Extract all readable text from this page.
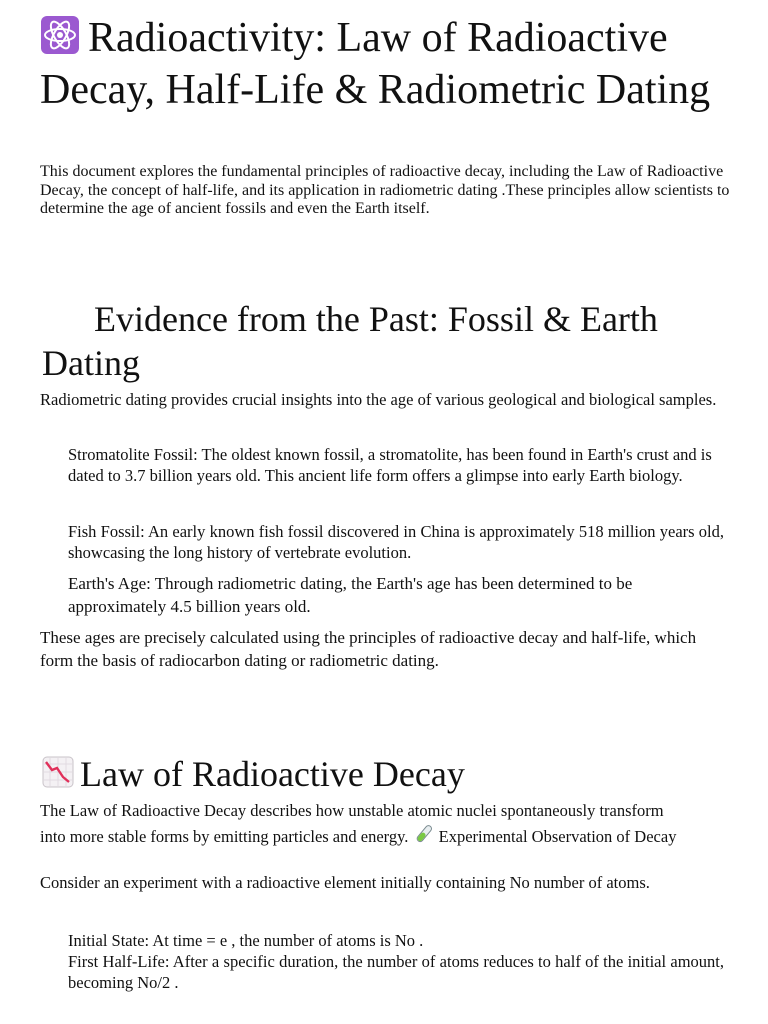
Radioactivity: Law of Radioactive Decay, Half-Life & Radiometric Dating

This document explores the fundamental principles of radioactive decay, including the Law of Radioactive Decay, the concept of half-life, and its application in radiometric dating .These principles allow scientists to determine the age of ancient fossils and even the Earth itself.

Evidence from the Past: Fossil & Earth Dating

Radiometric dating provides crucial insights into the age of various geological and biological samples.

Stromatolite Fossil: The oldest known fossil, a stromatolite, has been found in Earth's crust and is dated to 3.7 billion years old. This ancient life form offers a glimpse into early Earth biology.

Fish Fossil: An early known fish fossil discovered in China is approximately 518 million years old, showcasing the long history of vertebrate evolution.

Earth's Age: Through radiometric dating, the Earth's age has been determined to be approximately 4.5 billion years old.

These ages are precisely calculated using the principles of radioactive decay and half-life, which form the basis of radiocarbon dating or radiometric dating.

Law of Radioactive Decay

The Law of Radioactive Decay describes how unstable atomic nuclei spontaneously transform into more stable forms by emitting particles and energy. Experimental Observation of Decay

Consider an experiment with a radioactive element initially containing No number of atoms.

Initial State: At time = e , the number of atoms is No .

First Half-Life: After a specific duration, the number of atoms reduces to half of the initial amount, becoming No/2 .
